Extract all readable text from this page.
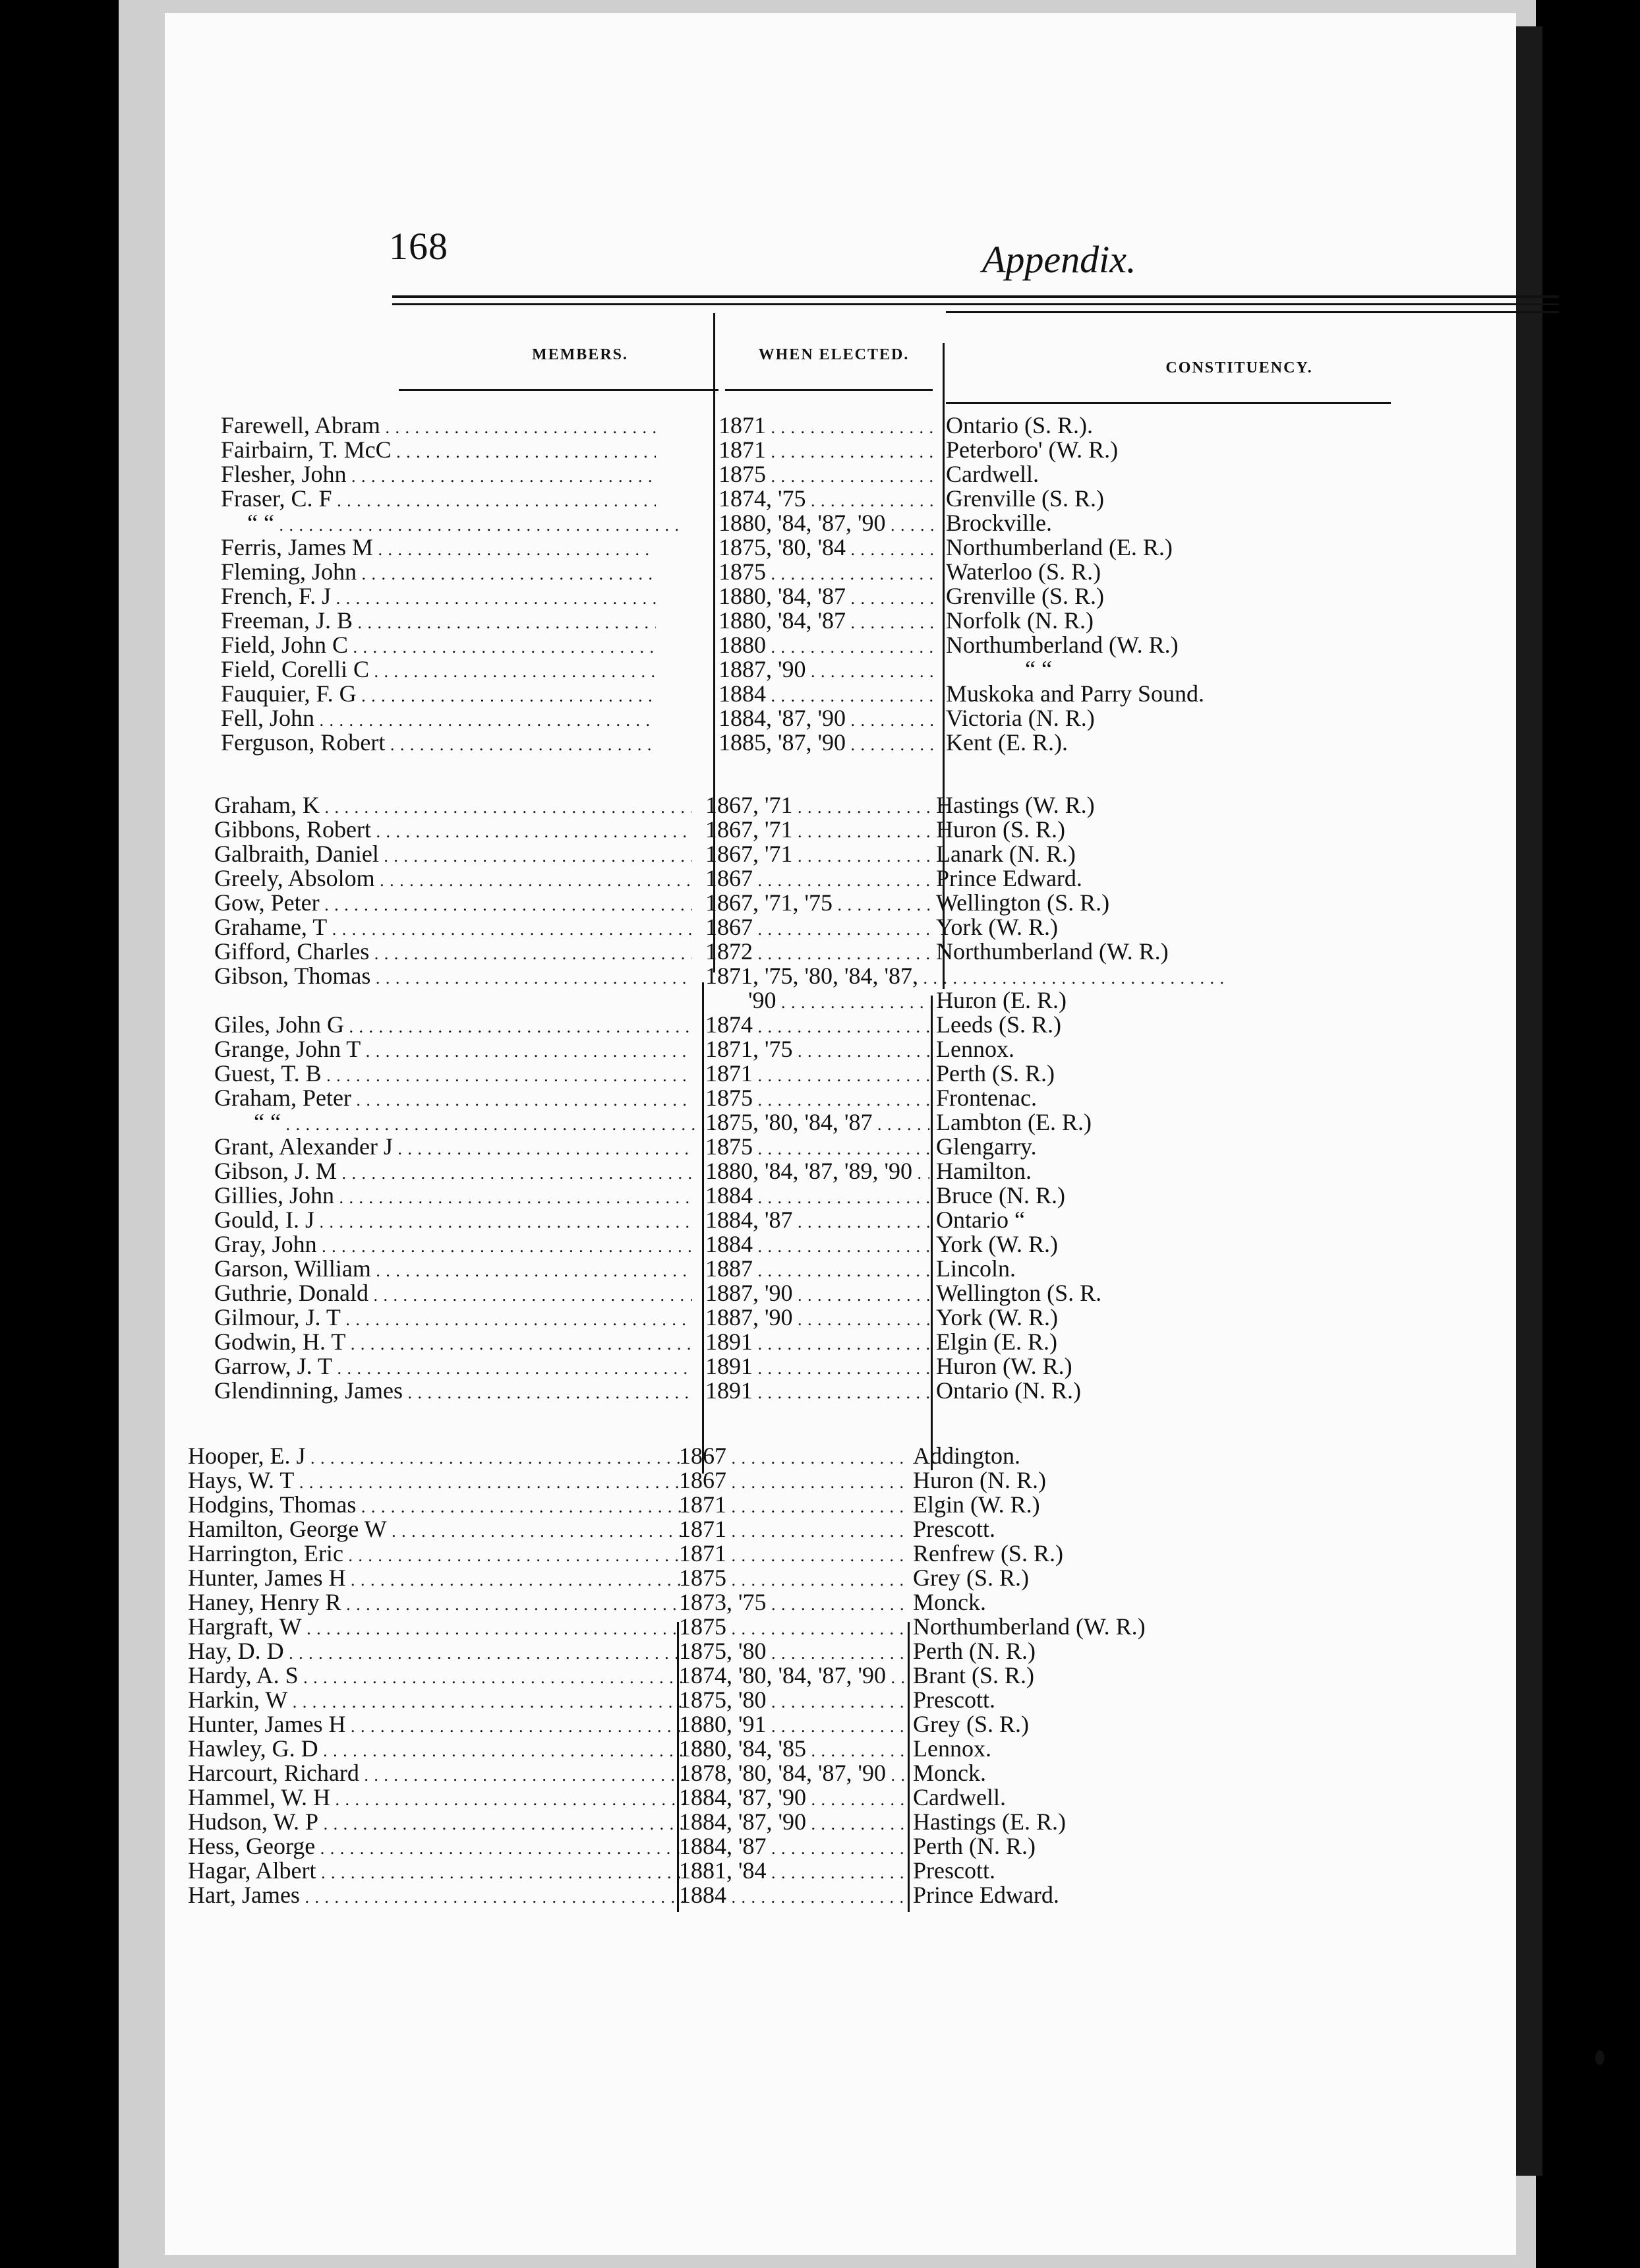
168	Appendix.
MEMBERS.	WHEN ELECTED.
CONSTITUENCY.
Farewell, Abram . . .	1871 . . .	Ontario (S. R.).
Fairbairn, T. McC . . .	1871 . . .	Peterboro' (W. R.)
Flesher, John . . .	1875 . . .	Cardwell.
Fraser, C. F . . .	1874, '75 . . .	Grenville (S. R.)
“ “ . . .	1880, '84, '87, '90 . . .	Brockville.
Ferris, James M . . .	1875, '80, '84 . . .	Northumberland (E. R.)
Fleming, John . . .	1875 . . .	Waterloo (S. R.)
French, F. J . . .	1880, '84, '87 . . .	Grenville (S. R.)
Freeman, J. B . . .	1880, '84, '87 . . .	Norfolk (N. R.)
Field, John C . . .	1880 . . .	Northumberland (W. R.)
Field, Corelli C . . .	1887, '90 . . .	“ “
Fauquier, F. G . . .	1884 . . .	Muskoka and Parry Sound.
Fell, John . . .	1884, '87, '90 . . .	Victoria (N. R.)
Ferguson, Robert . . .	1885, '87, '90 . . .	Kent (E. R.).
Graham, K . . .	1867, '71 . . .	Hastings (W. R.)
Gibbons, Robert . . .	1867, '71 . . .	Huron (S. R.)
Galbraith, Daniel . . .	1867, '71 . . .	Lanark (N. R.)
Greely, Absolom . . .	1867 . . .	Prince Edward.
Gow, Peter . . .	1867, '71, '75 . . .	Wellington (S. R.)
Grahame, T . . .	1867 . . .	York (W. R.)
Gifford, Charles . . .	1872 . . .	Northumberland (W. R.)
Gibson, Thomas . . .	1871, '75, '80, '84, '87, . . .
'90 . . .	Huron (E. R.)
Giles, John G . . .	1874 . . .	Leeds (S. R.)
Grange, John T . . .	1871, '75 . . .	Lennox.
Guest, T. B . . .	1871 . . .	Perth (S. R.)
Graham, Peter . . .	1875 . . .	Frontenac.
“ “ . . .	1875, '80, '84, '87 . . .	Lambton (E. R.)
Grant, Alexander J . . .	1875 . . .	Glengarry.
Gibson, J. M . . .	1880, '84, '87, '89, '90 . . .	Hamilton.
Gillies, John . . .	1884 . . .	Bruce (N. R.)
Gould, I. J . . .	1884, '87 . . .	Ontario “
Gray, John . . .	1884 . . .	York (W. R.)
Garson, William . . .	1887 . . .	Lincoln.
Guthrie, Donald . . .	1887, '90 . . .	Wellington (S. R.
Gilmour, J. T . . .	1887, '90 . . .	York (W. R.)
Godwin, H. T . . .	1891 . . .	Elgin (E. R.)
Garrow, J. T . . .	1891 . . .	Huron (W. R.)
Glendinning, James . . .	1891 . . .	Ontario (N. R.)
Hooper, E. J . . .	1867 . . .	Addington.
Hays, W. T . . .	1867 . . .	Huron (N. R.)
Hodgins, Thomas . . .	1871 . . .	Elgin (W. R.)
Hamilton, George W . . .	1871 . . .	Prescott.
Harrington, Eric . . .	1871 . . .	Renfrew (S. R.)
Hunter, James H . . .	1875 . . .	Grey (S. R.)
Haney, Henry R . . .	1873, '75 . . .	Monck.
Hargraft, W . . .	1875 . . .	Northumberland (W. R.)
Hay, D. D . . .	1875, '80 . . .	Perth (N. R.)
Hardy, A. S . . .	1874, '80, '84, '87, '90 . . .	Brant (S. R.)
Harkin, W . . .	1875, '80 . . .	Prescott.
Hunter, James H . . .	1880, '91 . . .	Grey (S. R.)
Hawley, G. D . . .	1880, '84, '85 . . .	Lennox.
Harcourt, Richard . . .	1878, '80, '84, '87, '90 . . .	Monck.
Hammel, W. H . . .	1884, '87, '90 . . .	Cardwell.
Hudson, W. P . . .	1884, '87, '90 . . .	Hastings (E. R.)
Hess, George . . .	1884, '87 . . .	Perth (N. R.)
Hagar, Albert . . .	1881, '84 . . .	Prescott.
Hart, James . . .	1884 . . .	Prince Edward.
